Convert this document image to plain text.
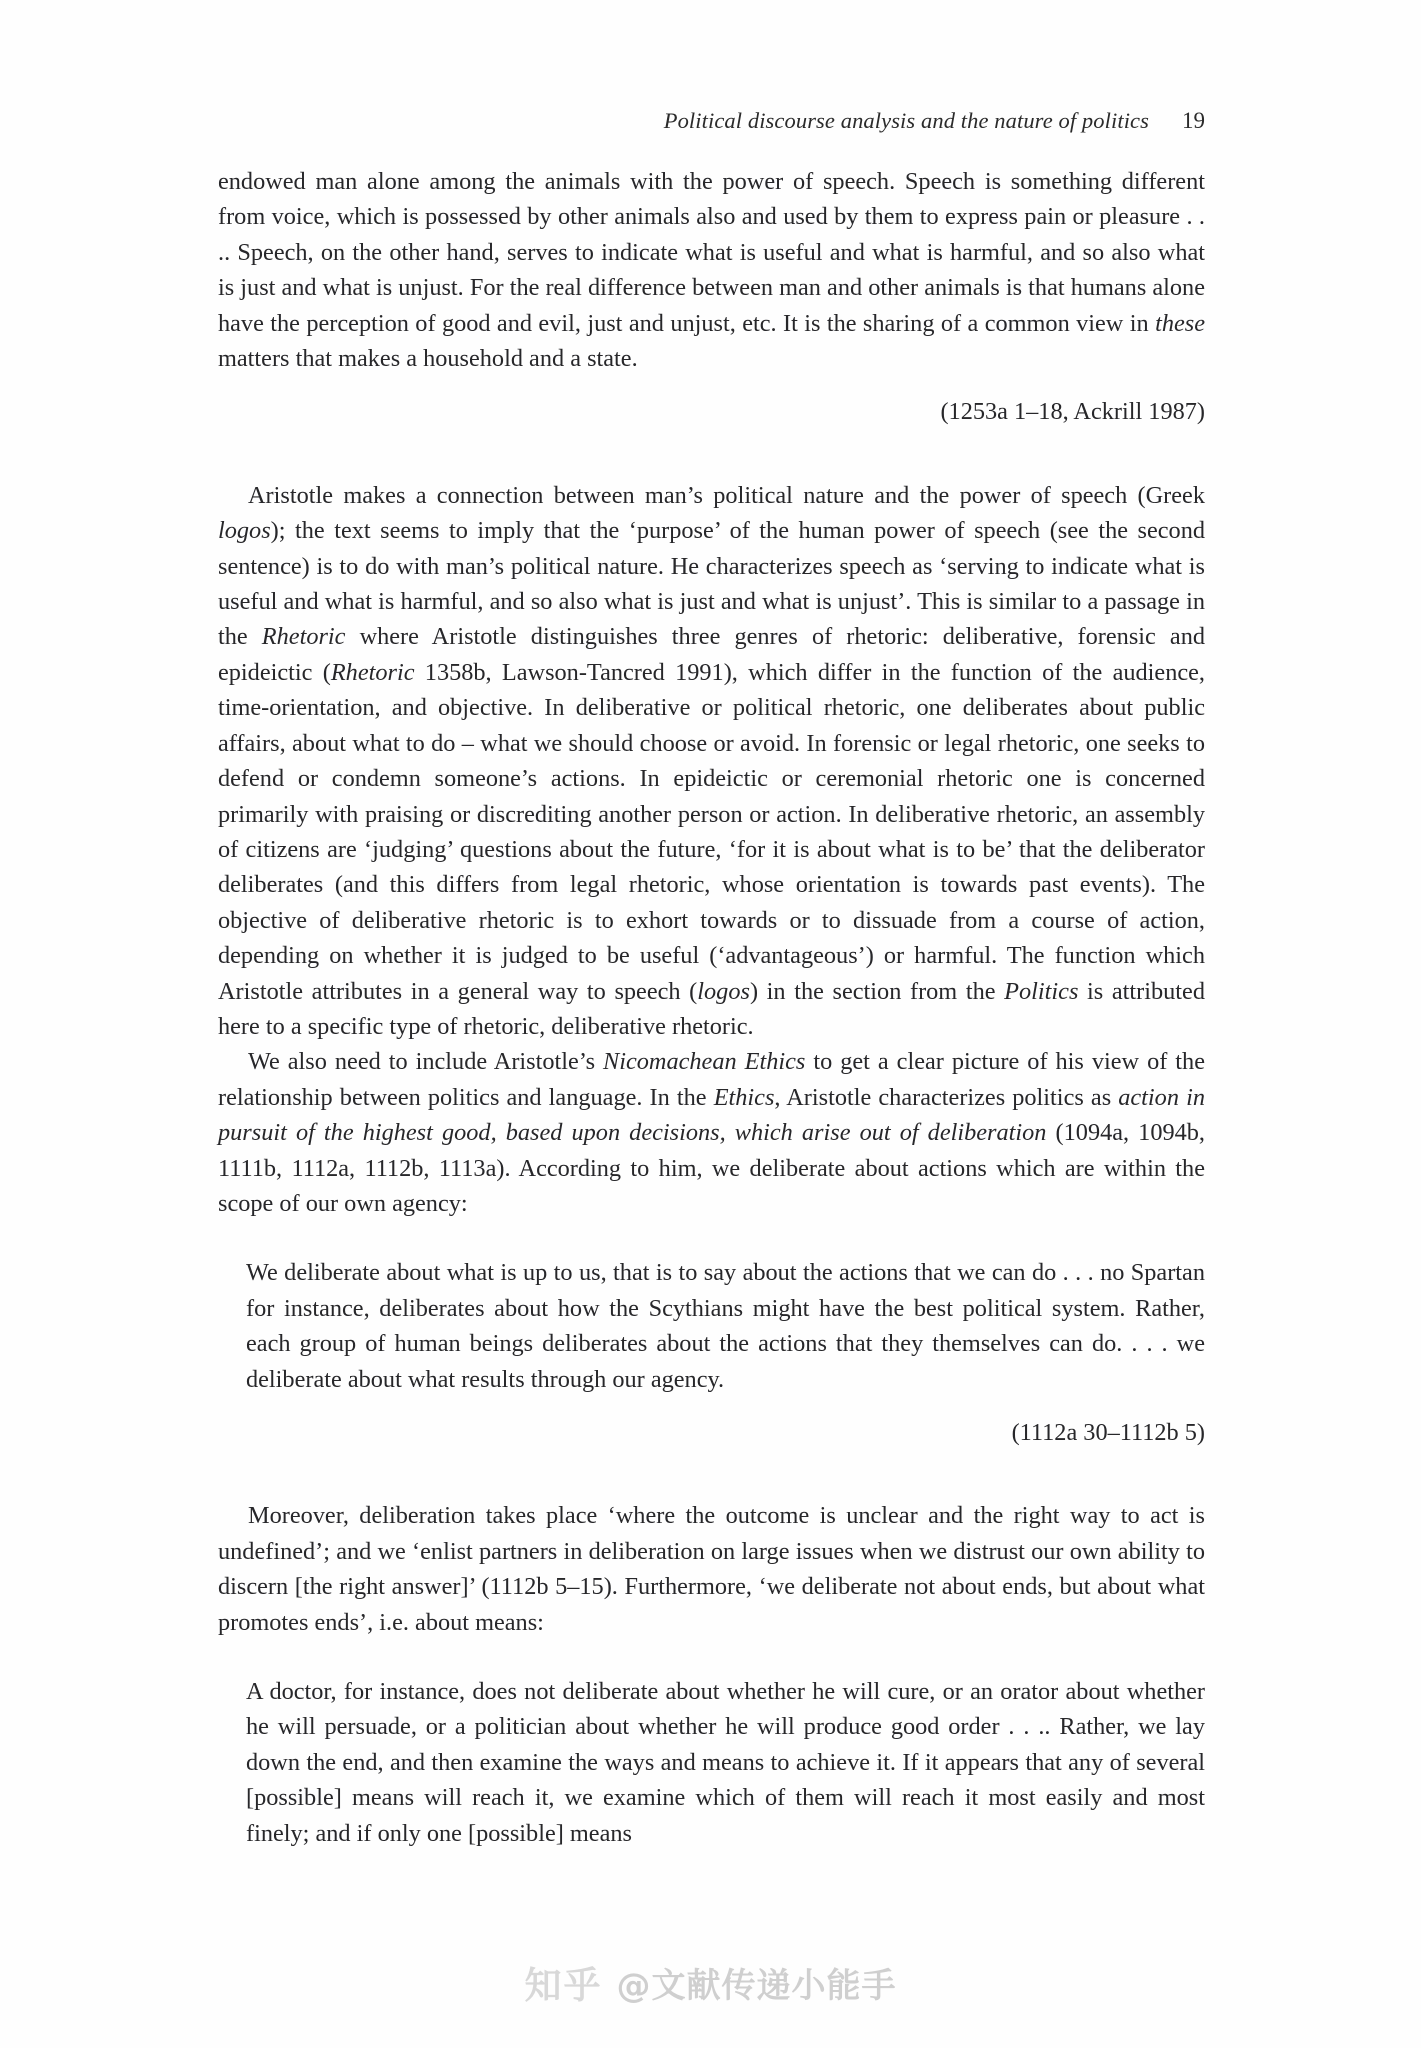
Political discourse analysis and the nature of politics 19
endowed man alone among the animals with the power of speech. Speech is something different from voice, which is possessed by other animals also and used by them to express pain or pleasure . . .. Speech, on the other hand, serves to indicate what is useful and what is harmful, and so also what is just and what is unjust. For the real difference between man and other animals is that humans alone have the perception of good and evil, just and unjust, etc. It is the sharing of a common view in these matters that makes a household and a state.
(1253a 1–18, Ackrill 1987)

Aristotle makes a connection between man’s political nature and the power of speech (Greek logos); the text seems to imply that the ‘purpose’ of the human power of speech (see the second sentence) is to do with man’s political nature. He characterizes speech as ‘serving to indicate what is useful and what is harmful, and so also what is just and what is unjust’. This is similar to a passage in the Rhetoric where Aristotle distinguishes three genres of rhetoric: deliberative, forensic and epideictic (Rhetoric 1358b, Lawson-Tancred 1991), which differ in the function of the audience, time-orientation, and objective. In deliberative or political rhetoric, one deliberates about public affairs, about what to do – what we should choose or avoid. In forensic or legal rhetoric, one seeks to defend or condemn someone’s actions. In epideictic or ceremonial rhetoric one is concerned primarily with praising or discrediting another person or action. In deliberative rhetoric, an assembly of citizens are ‘judging’ questions about the future, ‘for it is about what is to be’ that the deliberator deliberates (and this differs from legal rhetoric, whose orientation is towards past events). The objective of deliberative rhetoric is to exhort towards or to dissuade from a course of action, depending on whether it is judged to be useful (‘advantageous’) or harmful. The function which Aristotle attributes in a general way to speech (logos) in the section from the Politics is attributed here to a specific type of rhetoric, deliberative rhetoric.

We also need to include Aristotle’s Nicomachean Ethics to get a clear picture of his view of the relationship between politics and language. In the Ethics, Aristotle characterizes politics as action in pursuit of the highest good, based upon decisions, which arise out of deliberation (1094a, 1094b, 1111b, 1112a, 1112b, 1113a). According to him, we deliberate about actions which are within the scope of our own agency:

We deliberate about what is up to us, that is to say about the actions that we can do . . . no Spartan for instance, deliberates about how the Scythians might have the best political system. Rather, each group of human beings deliberates about the actions that they themselves can do. . . . we deliberate about what results through our agency.
(1112a 30–1112b 5)

Moreover, deliberation takes place ‘where the outcome is unclear and the right way to act is undefined’; and we ‘enlist partners in deliberation on large issues when we distrust our own ability to discern [the right answer]’ (1112b 5–15). Furthermore, ‘we deliberate not about ends, but about what promotes ends’, i.e. about means:

A doctor, for instance, does not deliberate about whether he will cure, or an orator about whether he will persuade, or a politician about whether he will produce good order . . .. Rather, we lay down the end, and then examine the ways and means to achieve it. If it appears that any of several [possible] means will reach it, we examine which of them will reach it most easily and most finely; and if only one [possible] means
知乎 @文献传递小能手
